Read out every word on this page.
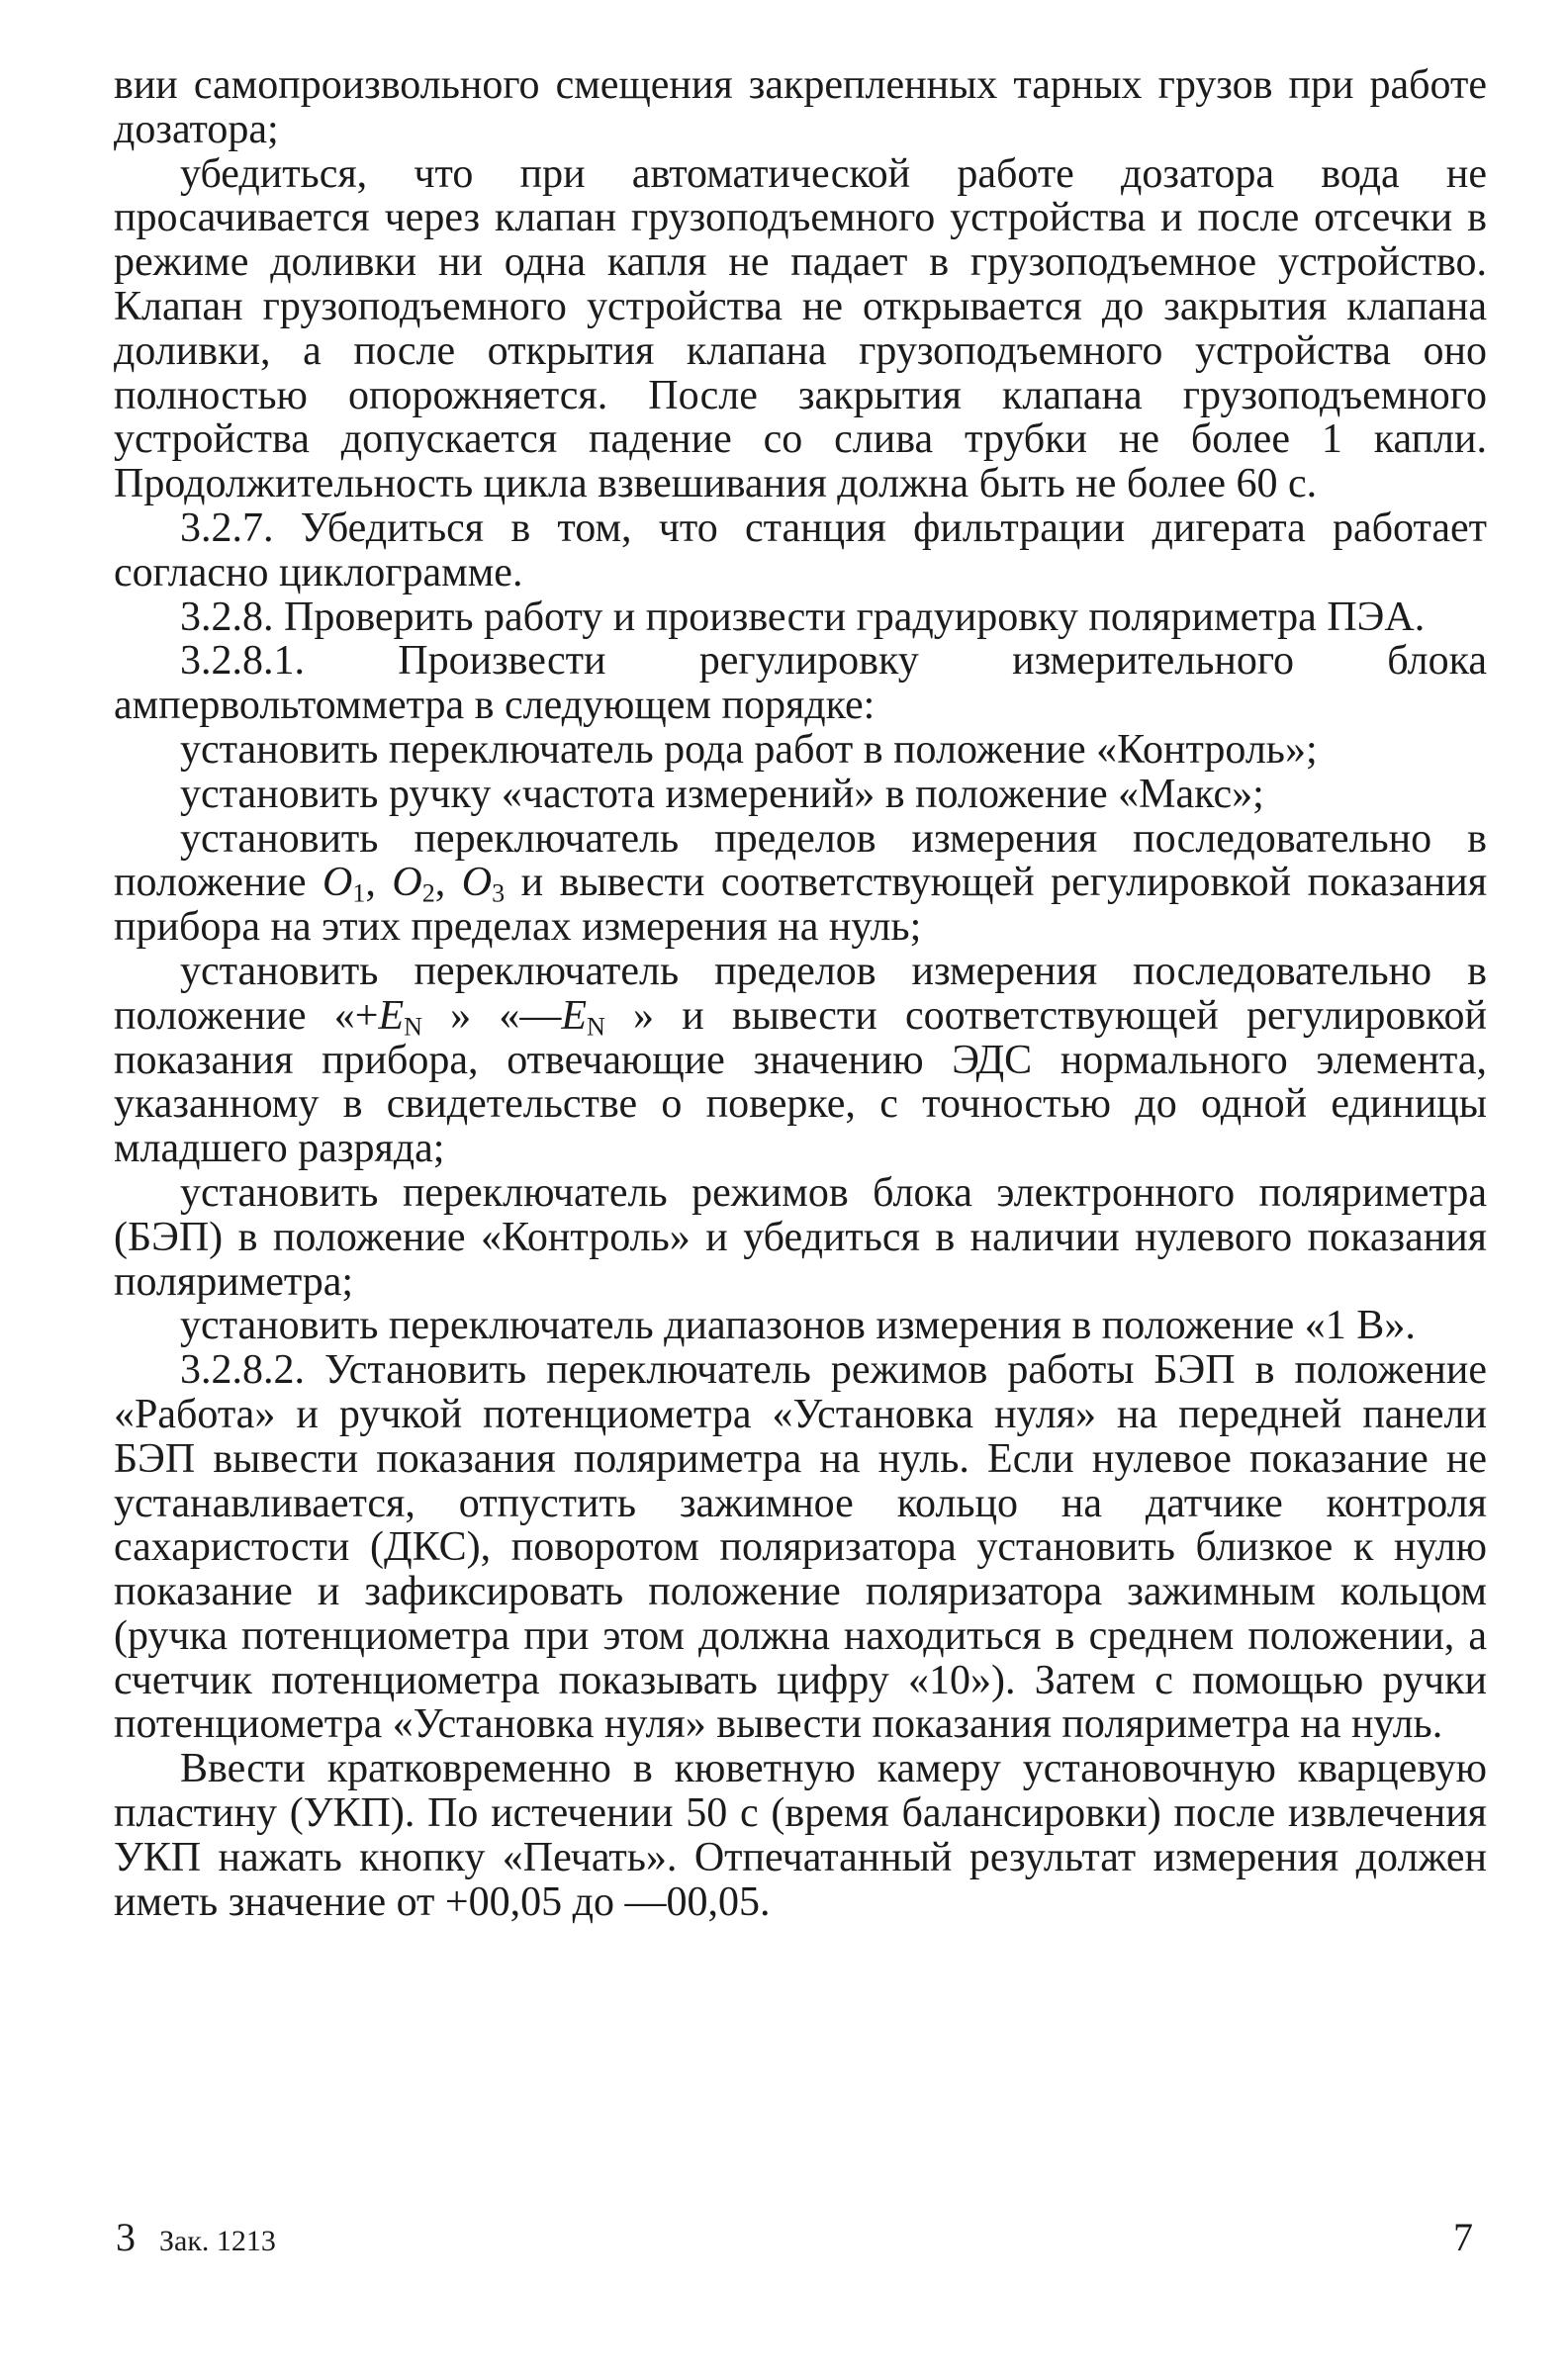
вии самопроизвольного смещения закрепленных тарных грузов при работе дозатора;

убедиться, что при автоматической работе дозатора вода не просачивается через клапан грузоподъемного устройства и после отсечки в режиме доливки ни одна капля не падает в грузоподъемное устройство. Клапан грузоподъемного устройства не открывается до закрытия клапана доливки, а после открытия клапана грузоподъемного устройства оно полностью опорожняется. После закрытия клапана грузоподъемного устройства допускается падение со слива трубки не более 1 капли. Продолжительность цикла взвешивания должна быть не более 60 с.

3.2.7. Убедиться в том, что станция фильтрации дигерата работает согласно циклограмме.

3.2.8. Проверить работу и произвести градуировку поляриметра ПЭА.

3.2.8.1. Произвести регулировку измерительного блока ампервольтомметра в следующем порядке:

установить переключатель рода работ в положение «Контроль»;

установить ручку «частота измерений» в положение «Макс»;

установить переключатель пределов измерения последовательно в положение $O_1$, $O_2$, $O_3$ и вывести соответствующей регулировкой показания прибора на этих пределах измерения на нуль;

установить переключатель пределов измерения последовательно в положение «$+E_N$ » «$—E_N$ » и вывести соответствующей регулировкой показания прибора, отвечающие значению ЭДС нормального элемента, указанному в свидетельстве о поверке, с точностью до одной единицы младшего разряда;

установить переключатель режимов блока электронного поляриметра (БЭП) в положение «Контроль» и убедиться в наличии нулевого показания поляриметра;

установить переключатель диапазонов измерения в положение «1 В».

3.2.8.2. Установить переключатель режимов работы БЭП в положение «Работа» и ручкой потенциометра «Установка нуля» на передней панели БЭП вывести показания поляриметра на нуль. Если нулевое показание не устанавливается, отпустить зажимное кольцо на датчике контроля сахаристости (ДКС), поворотом поляризатора установить близкое к нулю показание и зафиксировать положение поляризатора зажимным кольцом (ручка потенциометра при этом должна находиться в среднем положении, а счетчик потенциометра показывать цифру «10»). Затем с помощью ручки потенциометра «Установка нуля» вывести показания поляриметра на нуль.

Ввести кратковременно в кюветную камеру установочную кварцевую пластину (УКП). По истечении 50 с (время балансировки) после извлечения УКП нажать кнопку «Печать». Отпечатанный результат измерения должен иметь значение от +00,05 до —00,05.

3 Зак. 1213	7
